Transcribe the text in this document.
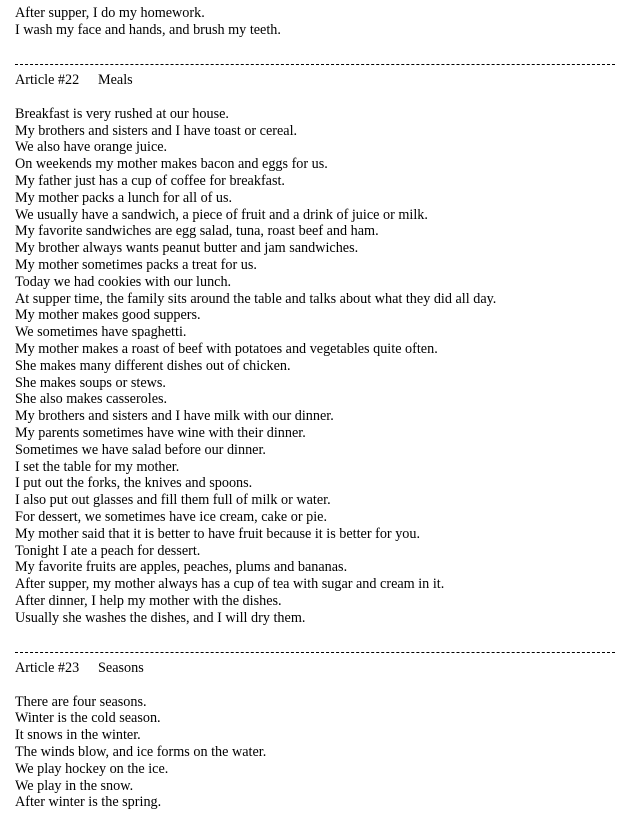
After supper, I do my homework.
I wash my face and hands, and brush my teeth.
Article #22	Meals
Breakfast is very rushed at our house.
My brothers and sisters and I have toast or cereal.
We also have orange juice.
On weekends my mother makes bacon and eggs for us.
My father just has a cup of coffee for breakfast.
My mother packs a lunch for all of us.
We usually have a sandwich, a piece of fruit and a drink of juice or milk.
My favorite sandwiches are egg salad, tuna, roast beef and ham.
My brother always wants peanut butter and jam sandwiches.
My mother sometimes packs a treat for us.
Today we had cookies with our lunch.
At supper time, the family sits around the table and talks about what they did all day.
My mother makes good suppers.
We sometimes have spaghetti.
My mother makes a roast of beef with potatoes and vegetables quite often.
She makes many different dishes out of chicken.
She makes soups or stews.
She also makes casseroles.
My brothers and sisters and I have milk with our dinner.
My parents sometimes have wine with their dinner.
Sometimes we have salad before our dinner.
I set the table for my mother.
I put out the forks, the knives and spoons.
I also put out glasses and fill them full of milk or water.
For dessert, we sometimes have ice cream, cake or pie.
My mother said that it is better to have fruit because it is better for you.
Tonight I ate a peach for dessert.
My favorite fruits are apples, peaches, plums and bananas.
After supper, my mother always has a cup of tea with sugar and cream in it.
After dinner, I help my mother with the dishes.
Usually she washes the dishes, and I will dry them.
Article #23	Seasons
There are four seasons.
Winter is the cold season.
It snows in the winter.
The winds blow, and ice forms on the water.
We play hockey on the ice.
We play in the snow.
After winter is the spring.
